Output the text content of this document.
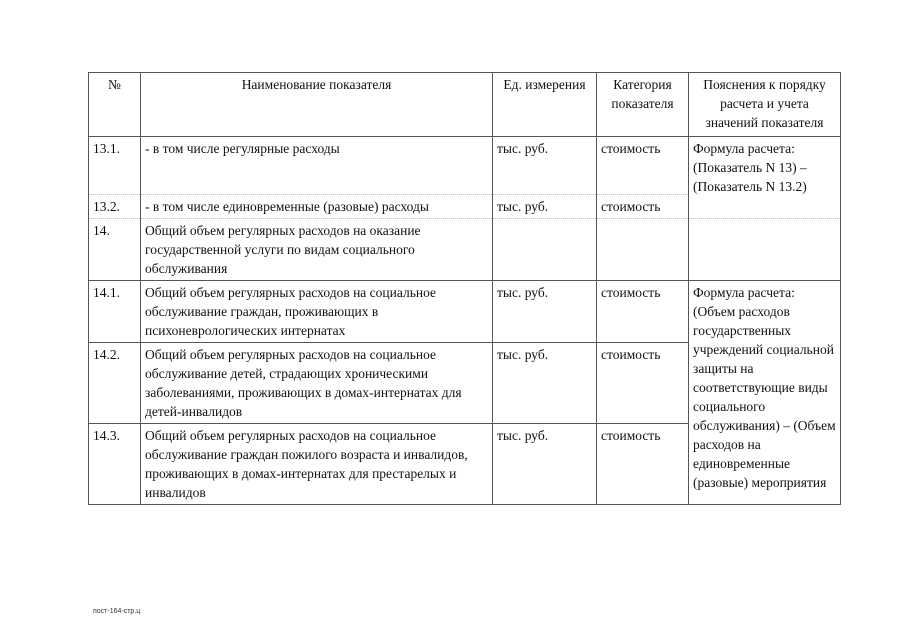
№	Наименование показателя	Ед. измерения	Категория показателя	Пояснения к порядку расчета и учета значений показателя
13.1.	- в том числе регулярные расходы	тыс. руб.	стоимость	Формула расчета: (Показатель N 13) – (Показатель N 13.2)
13.2.	- в том числе единовременные (разовые) расходы	тыс. руб.	стоимость	
14.	Общий объем регулярных расходов на оказание государственной услуги по видам социального обслуживания			
14.1.	Общий объем регулярных расходов на социальное обслуживание граждан, проживающих в психоневрологических интернатах	тыс. руб.	стоимость	Формула расчета: (Объем расходов государственных учреждений социальной защиты на соответствующие виды социального обслуживания) – (Объем расходов на единовременные (разовые) мероприятия
14.2.	Общий объем регулярных расходов на социальное обслуживание детей, страдающих хроническими заболеваниями, проживающих в домах-интернатах для детей-инвалидов	тыс. руб.	стоимость	
14.3.	Общий объем регулярных расходов на социальное обслуживание граждан пожилого возраста и инвалидов, проживающих в домах-интернатах для престарелых и инвалидов	тыс. руб.	стоимость	
пост-164-стр.ц
